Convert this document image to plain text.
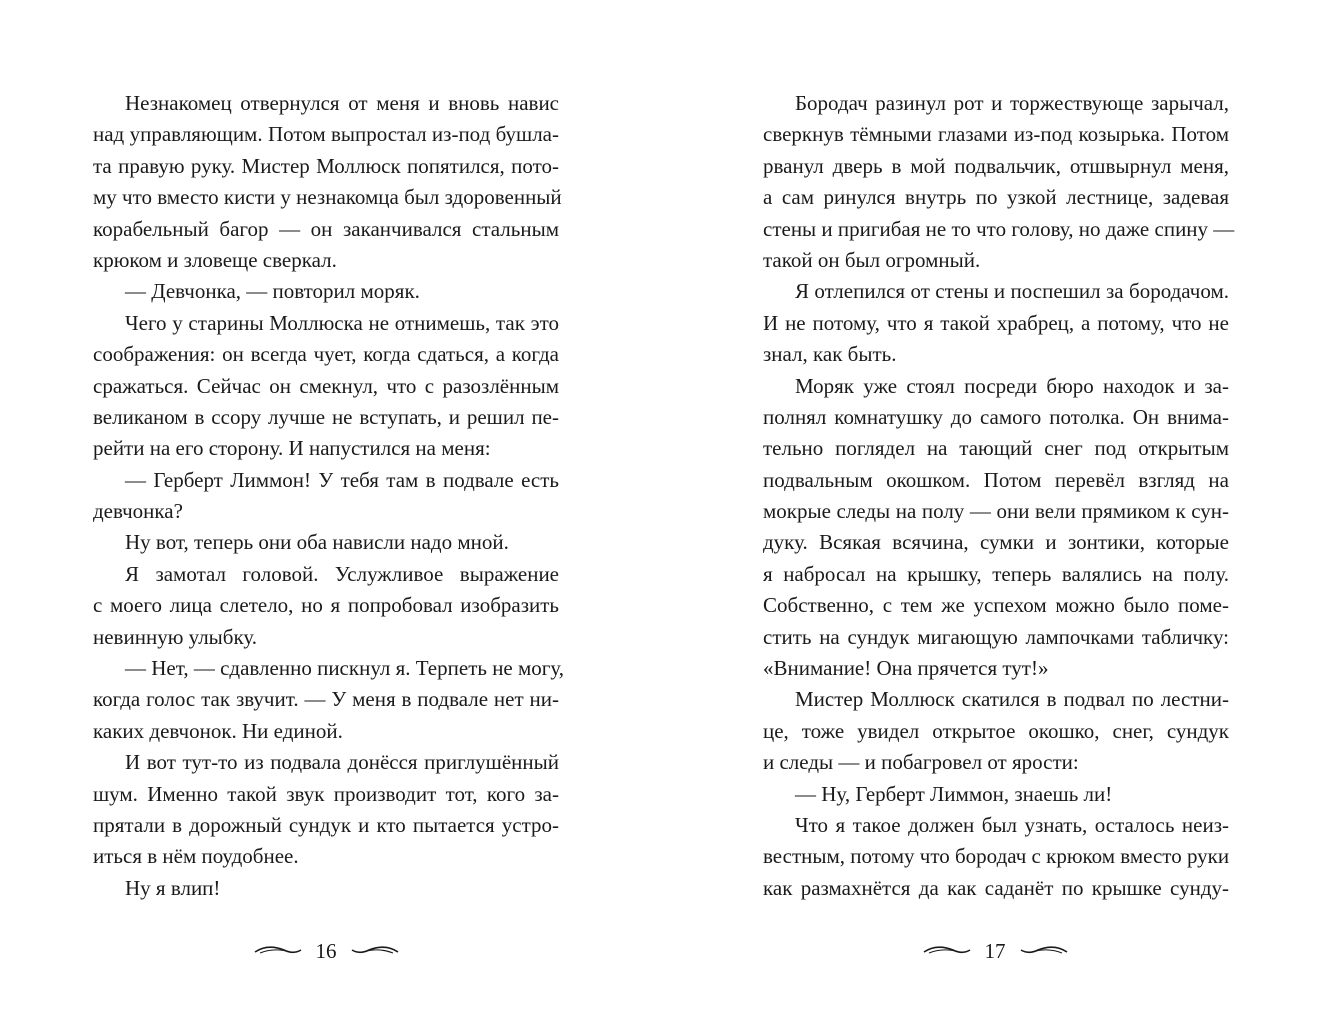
Незнакомец отвернулся от меня и вновь навис
над управляющим. Потом выпростал из-под бушла-
та правую руку. Мистер Моллюск попятился, пото-
му что вместо кисти у незнакомца был здоровенный
корабельный багор — он заканчивался стальным
крюком и зловеще сверкал.
— Девчонка, — повторил моряк.
Чего у старины Моллюска не отнимешь, так это
соображения: он всегда чует, когда сдаться, а когда
сражаться. Сейчас он смекнул, что с разозлённым
великаном в ссору лучше не вступать, и решил пе-
рейти на его сторону. И напустился на меня:
— Герберт Лиммон! У тебя там в подвале есть
девчонка?
Ну вот, теперь они оба нависли надо мной.
Я замотал головой. Услужливое выражение
с моего лица слетело, но я попробовал изобразить
невинную улыбку.
— Нет, — сдавленно пискнул я. Терпеть не могу,
когда голос так звучит. — У меня в подвале нет ни-
каких девчонок. Ни единой.
И вот тут-то из подвала донёсся приглушённый
шум. Именно такой звук производит тот, кого за-
прятали в дорожный сундук и кто пытается устро-
иться в нём поудобнее.
Ну я влип!
16
Бородач разинул рот и торжествующе зарычал,
сверкнув тёмными глазами из-под козырька. Потом
рванул дверь в мой подвальчик, отшвырнул меня,
а сам ринулся внутрь по узкой лестнице, задевая
стены и пригибая не то что голову, но даже спину —
такой он был огромный.
Я отлепился от стены и поспешил за бородачом.
И не потому, что я такой храбрец, а потому, что не
знал, как быть.
Моряк уже стоял посреди бюро находок и за-
полнял комнатушку до самого потолка. Он внима-
тельно поглядел на тающий снег под открытым
подвальным окошком. Потом перевёл взгляд на
мокрые следы на полу — они вели прямиком к сун-
дуку. Всякая всячина, сумки и зонтики, которые
я набросал на крышку, теперь валялись на полу.
Собственно, с тем же успехом можно было поме-
стить на сундук мигающую лампочками табличку:
«Внимание! Она прячется тут!»
Мистер Моллюск скатился в подвал по лестни-
це, тоже увидел открытое окошко, снег, сундук
и следы — и побагровел от ярости:
— Ну, Герберт Лиммон, знаешь ли!
Что я такое должен был узнать, осталось неиз-
вестным, потому что бородач с крюком вместо руки
как размахнётся да как саданёт по крышке сунду-
17
